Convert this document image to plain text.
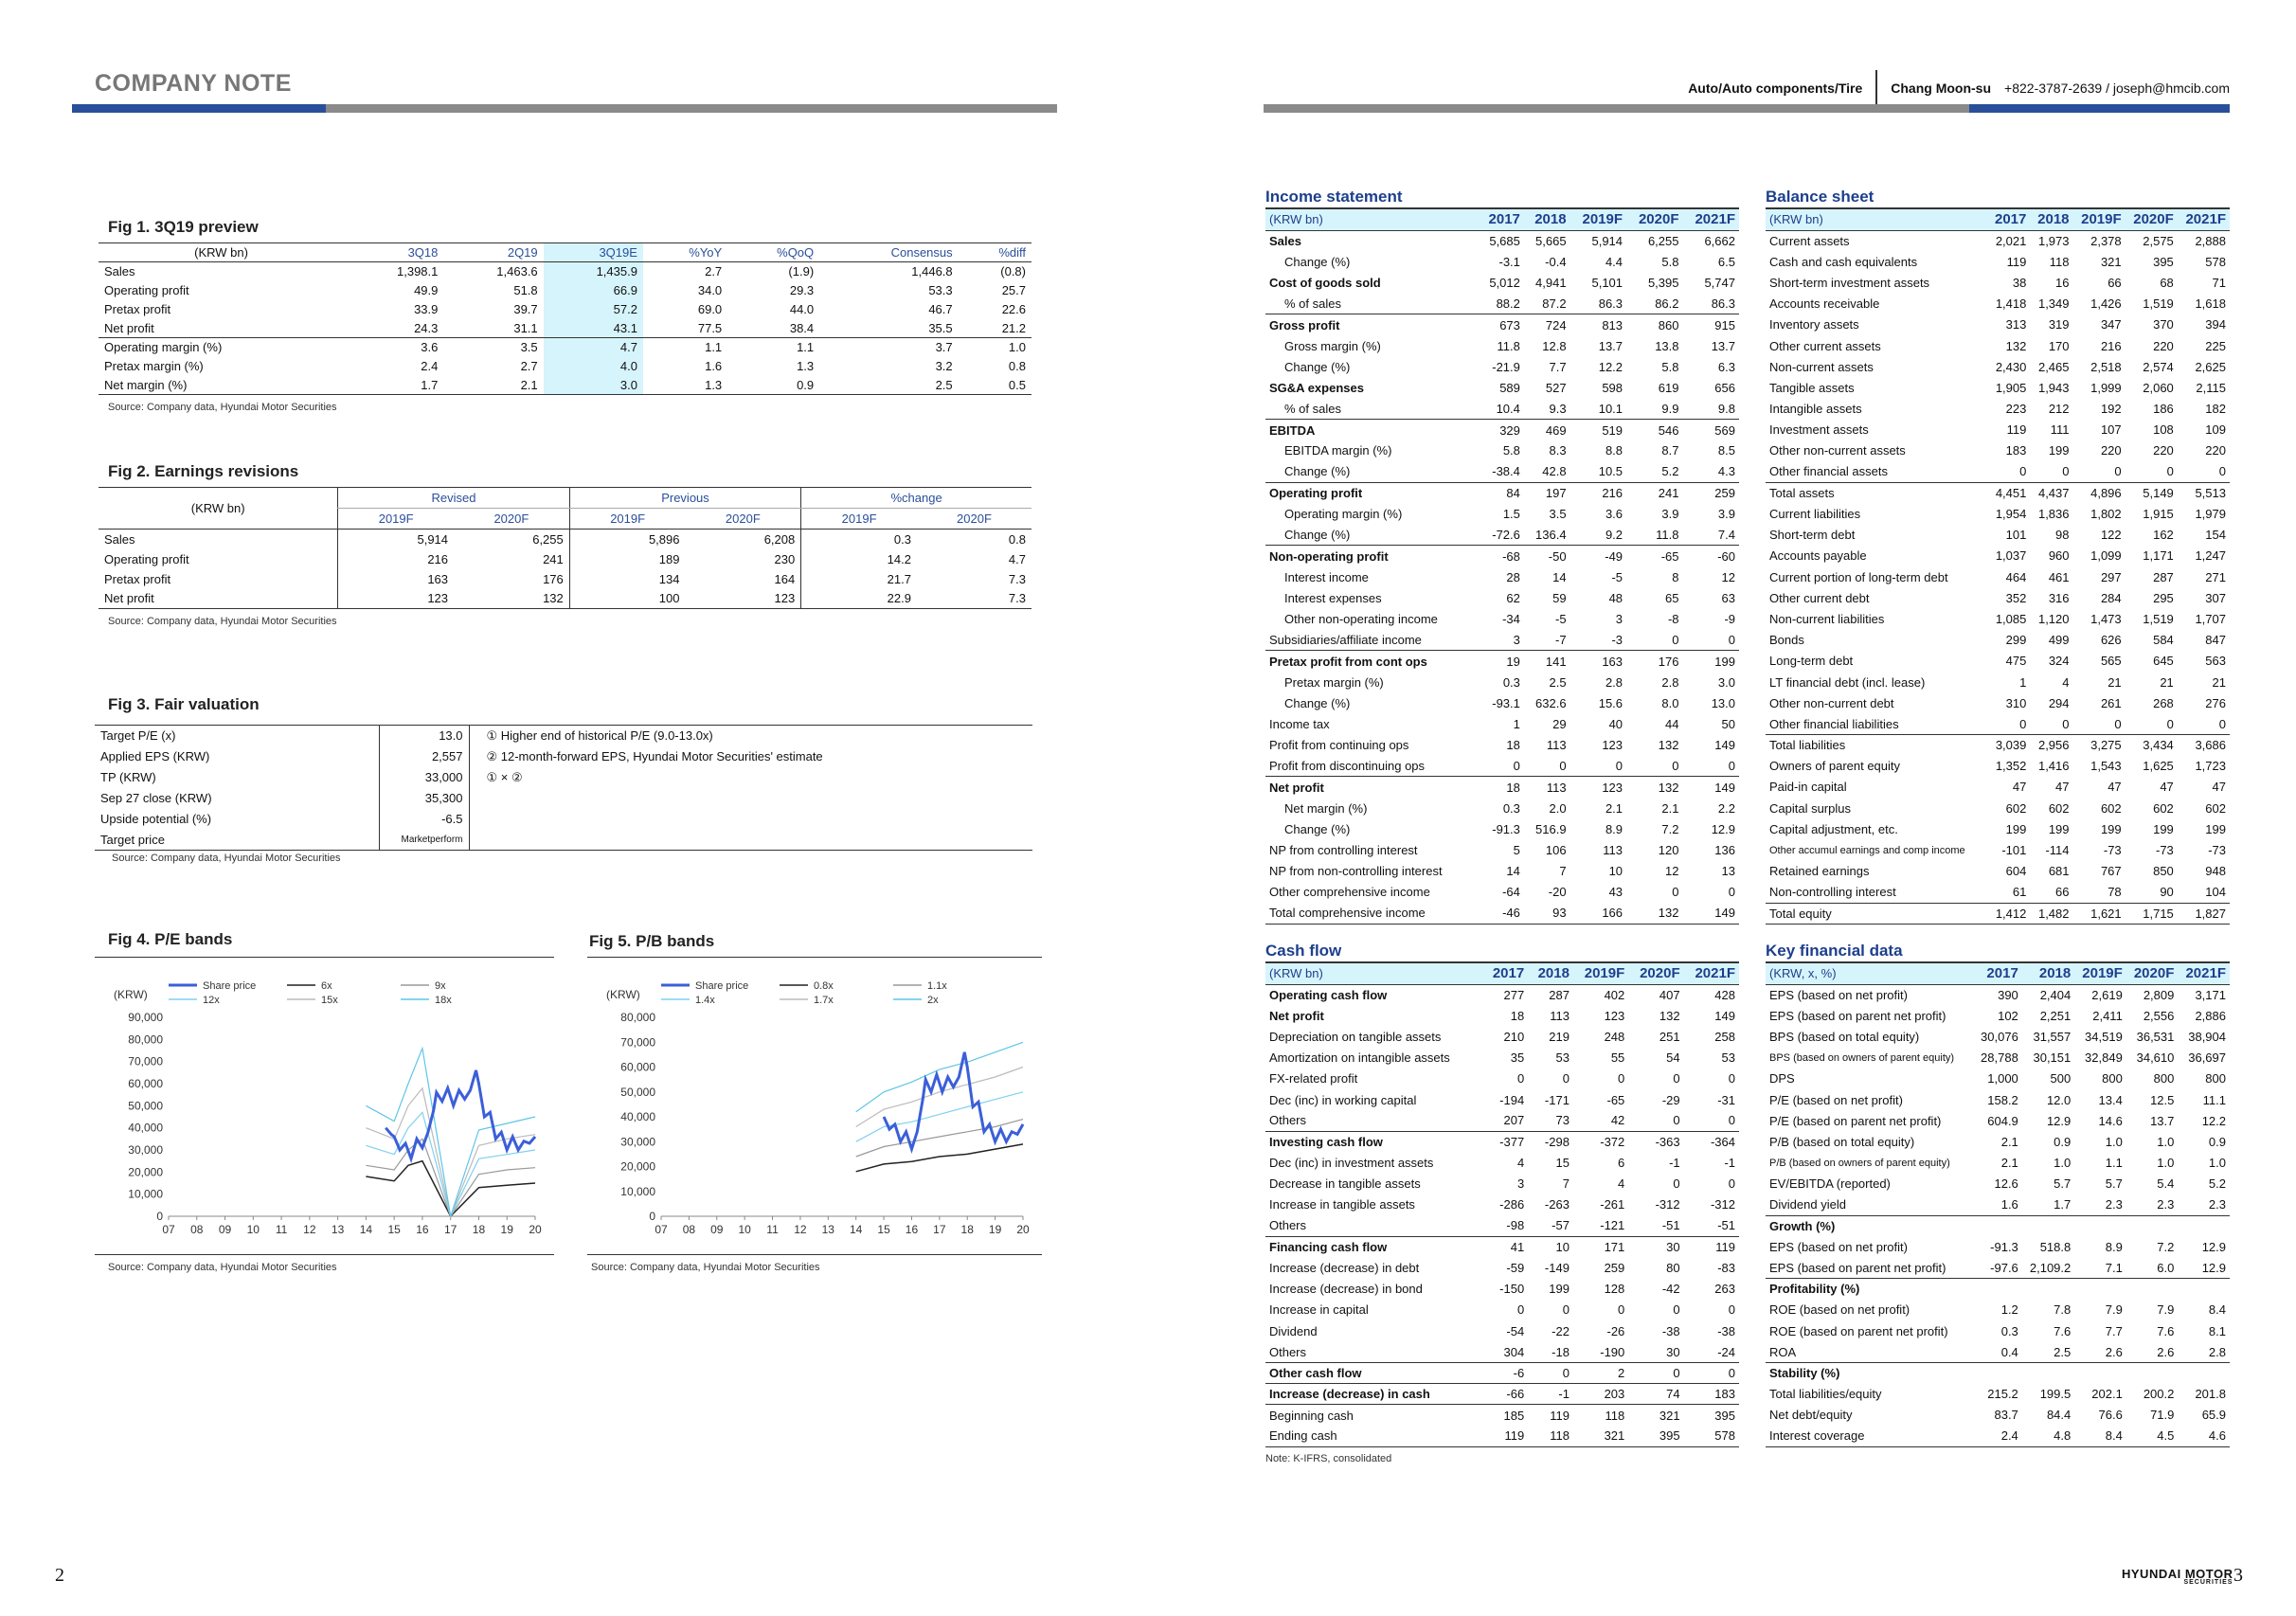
COMPANY NOTE	Auto/Auto components/Tire Chang Moon-su +822-3787-2639 / joseph@hmcib.com
Fig 1. 3Q19 preview
(KRW bn)	3Q18	2Q19	3Q19E	%YoY	%QoQ	Consensus	%diff
Sales	1,398.1	1,463.6	1,435.9	2.7	(1.9)	1,446.8	(0.8)
Operating profit	49.9	51.8	66.9	34.0	29.3	53.3	25.7
Pretax profit	33.9	39.7	57.2	69.0	44.0	46.7	22.6
Net profit	24.3	31.1	43.1	77.5	38.4	35.5	21.2
Operating margin (%)	3.6	3.5	4.7	1.1	1.1	3.7	1.0
Pretax margin (%)	2.4	2.7	4.0	1.6	1.3	3.2	0.8
Net margin (%)	1.7	2.1	3.0	1.3	0.9	2.5	0.5
Source: Company data, Hyundai Motor Securities
Fig 2. Earnings revisions
(KRW bn)	Revised		Previous		%change	
	2019F	2020F	2019F	2020F	2019F	2020F
Sales	5,914	6,255	5,896	6,208	0.3	0.8
Operating profit	216	241	189	230	14.2	4.7
Pretax profit	163	176	134	164	21.7	7.3
Net profit	123	132	100	123	22.9	7.3
Source: Company data, Hyundai Motor Securities
Fig 3. Fair valuation
Target P/E (x)	13.0	① Higher end of historical P/E (9.0-13.0x)
Applied EPS (KRW)	2,557	② 12-month-forward EPS, Hyundai Motor Securities' estimate
TP (KRW)	33,000	① × ②
Sep 27 close (KRW)	35,300	
Upside potential (%)	-6.5	
Target price	Marketperform	
Source: Company data, Hyundai Motor Securities
Fig 4. P/E bands
(KRW)
Share price	6x	9x
12x	15x	18x
90,000
80,000
70,000
60,000
50,000
40,000
30,000
20,000
10,000
0
07 08 09 10 11 12 13 14 15 16 17 18 19 20
Source: Company data, Hyundai Motor Securities
Fig 5. P/B bands
(KRW)
Share price	0.8x	1.1x
1.4x	1.7x	2x
80,000
70,000
60,000
50,000
40,000
30,000
20,000
10,000
0
07 08 09 10 11 12 13 14 15 16 17 18 19 20
Source: Company data, Hyundai Motor Securities
Income statement
(KRW bn)	2017	2018	2019F	2020F	2021F
Sales	5,685	5,665	5,914	6,255	6,662
Change (%)	-3.1	-0.4	4.4	5.8	6.5
Cost of goods sold	5,012	4,941	5,101	5,395	5,747
% of sales	88.2	87.2	86.3	86.2	86.3
Gross profit	673	724	813	860	915
Gross margin (%)	11.8	12.8	13.7	13.8	13.7
Change (%)	-21.9	7.7	12.2	5.8	6.3
SG&A expenses	589	527	598	619	656
% of sales	10.4	9.3	10.1	9.9	9.8
EBITDA	329	469	519	546	569
EBITDA margin (%)	5.8	8.3	8.8	8.7	8.5
Change (%)	-38.4	42.8	10.5	5.2	4.3
Operating profit	84	197	216	241	259
Operating margin (%)	1.5	3.5	3.6	3.9	3.9
Change (%)	-72.6	136.4	9.2	11.8	7.4
Non-operating profit	-68	-50	-49	-65	-60
Interest income	28	14	-5	8	12
Interest expenses	62	59	48	65	63
Other non-operating income	-34	-5	3	-8	-9
Subsidiaries/affiliate income	3	-7	-3	0	0
Pretax profit from cont ops	19	141	163	176	199
Pretax margin (%)	0.3	2.5	2.8	2.8	3.0
Change (%)	-93.1	632.6	15.6	8.0	13.0
Income tax	1	29	40	44	50
Profit from continuing ops	18	113	123	132	149
Profit from discontinuing ops	0	0	0	0	0
Net profit	18	113	123	132	149
Net margin (%)	0.3	2.0	2.1	2.1	2.2
Change (%)	-91.3	516.9	8.9	7.2	12.9
NP from controlling interest	5	106	113	120	136
NP from non-controlling interest	14	7	10	12	13
Other comprehensive income	-64	-20	43	0	0
Total comprehensive income	-46	93	166	132	149
Balance sheet
(KRW bn)	2017	2018	2019F	2020F	2021F
Current assets	2,021	1,973	2,378	2,575	2,888
Cash and cash equivalents	119	118	321	395	578
Short-term investment assets	38	16	66	68	71
Accounts receivable	1,418	1,349	1,426	1,519	1,618
Inventory assets	313	319	347	370	394
Other current assets	132	170	216	220	225
Non-current assets	2,430	2,465	2,518	2,574	2,625
Tangible assets	1,905	1,943	1,999	2,060	2,115
Intangible assets	223	212	192	186	182
Investment assets	119	111	107	108	109
Other non-current assets	183	199	220	220	220
Other financial assets	0	0	0	0	0
Total assets	4,451	4,437	4,896	5,149	5,513
Current liabilities	1,954	1,836	1,802	1,915	1,979
Short-term debt	101	98	122	162	154
Accounts payable	1,037	960	1,099	1,171	1,247
Current portion of long-term debt	464	461	297	287	271
Other current debt	352	316	284	295	307
Non-current liabilities	1,085	1,120	1,473	1,519	1,707
Bonds	299	499	626	584	847
Long-term debt	475	324	565	645	563
LT financial debt (incl. lease)	1	4	21	21	21
Other non-current debt	310	294	261	268	276
Other financial liabilities	0	0	0	0	0
Total liabilities	3,039	2,956	3,275	3,434	3,686
Owners of parent equity	1,352	1,416	1,543	1,625	1,723
Paid-in capital	47	47	47	47	47
Capital surplus	602	602	602	602	602
Capital adjustment, etc.	199	199	199	199	199
Other accumul earnings and comp income	-101	-114	-73	-73	-73
Retained earnings	604	681	767	850	948
Non-controlling interest	61	66	78	90	104
Total equity	1,412	1,482	1,621	1,715	1,827
Cash flow
(KRW bn)	2017	2018	2019F	2020F	2021F
Operating cash flow	277	287	402	407	428
Net profit	18	113	123	132	149
Depreciation on tangible assets	210	219	248	251	258
Amortization on intangible assets	35	53	55	54	53
FX-related profit	0	0	0	0	0
Dec (inc) in working capital	-194	-171	-65	-29	-31
Others	207	73	42	0	0
Investing cash flow	-377	-298	-372	-363	-364
Dec (inc) in investment assets	4	15	6	-1	-1
Decrease in tangible assets	3	7	4	0	0
Increase in tangible assets	-286	-263	-261	-312	-312
Others	-98	-57	-121	-51	-51
Financing cash flow	41	10	171	30	119
Increase (decrease) in debt	-59	-149	259	80	-83
Increase (decrease) in bond	-150	199	128	-42	263
Increase in capital	0	0	0	0	0
Dividend	-54	-22	-26	-38	-38
Others	304	-18	-190	30	-24
Other cash flow	-6	0	2	0	0
Increase (decrease) in cash	-66	-1	203	74	183
Beginning cash	185	119	118	321	395
Ending cash	119	118	321	395	578
Note: K-IFRS, consolidated
Key financial data
(KRW, x, %)	2017	2018	2019F	2020F	2021F
EPS (based on net profit)	390	2,404	2,619	2,809	3,171
EPS (based on parent net profit)	102	2,251	2,411	2,556	2,886
BPS (based on total equity)	30,076	31,557	34,519	36,531	38,904
BPS (based on owners of parent equity)	28,788	30,151	32,849	34,610	36,697
DPS	1,000	500	800	800	800
P/E (based on net profit)	158.2	12.0	13.4	12.5	11.1
P/E (based on parent net profit)	604.9	12.9	14.6	13.7	12.2
P/B (based on total equity)	2.1	0.9	1.0	1.0	0.9
P/B (based on owners of parent equity)	2.1	1.0	1.1	1.0	1.0
EV/EBITDA (reported)	12.6	5.7	5.7	5.4	5.2
Dividend yield	1.6	1.7	2.3	2.3	2.3
Growth (%)					
EPS (based on net profit)	-91.3	518.8	8.9	7.2	12.9
EPS (based on parent net profit)	-97.6	2,109.2	7.1	6.0	12.9
Profitability (%)					
ROE (based on net profit)	1.2	7.8	7.9	7.9	8.4
ROE (based on parent net profit)	0.3	7.6	7.7	7.6	8.1
ROA	0.4	2.5	2.6	2.6	2.8
Stability (%)					
Total liabilities/equity	215.2	199.5	202.1	200.2	201.8
Net debt/equity	83.7	84.4	76.6	71.9	65.9
Interest coverage	2.4	4.8	8.4	4.5	4.6
2	HYUNDAI MOTOR
SECURITIES 3
